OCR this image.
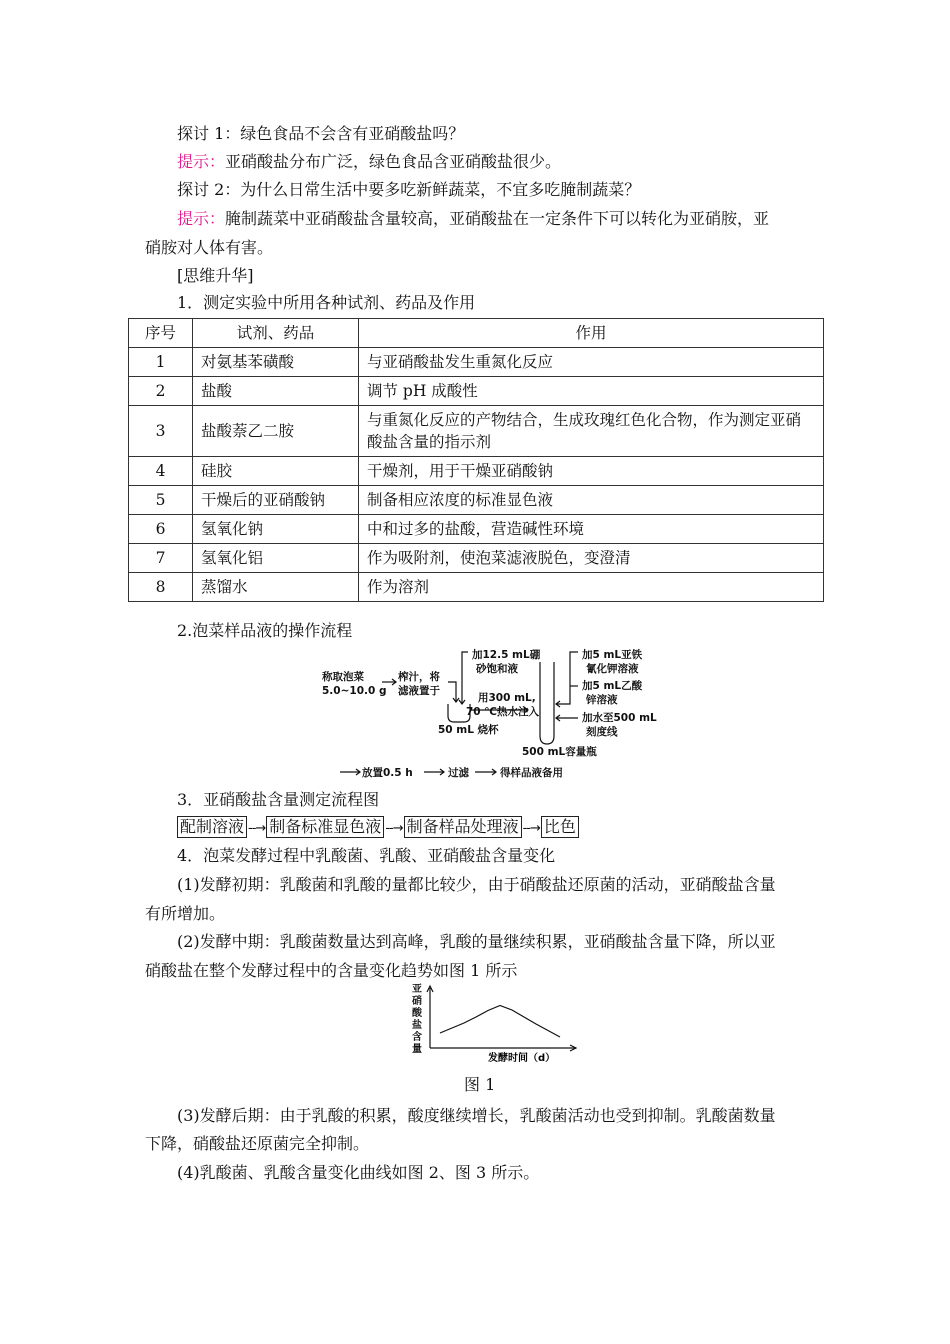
探讨 1：绿色食品不会含有亚硝酸盐吗？
提示：亚硝酸盐分布广泛，绿色食品含亚硝酸盐很少。
探讨 2：为什么日常生活中要多吃新鲜蔬菜，不宜多吃腌制蔬菜？
提示：腌制蔬菜中亚硝酸盐含量较高，亚硝酸盐在一定条件下可以转化为亚硝胺，亚
硝胺对人体有害。
[思维升华]
1．测定实验中所用各种试剂、药品及作用
序号	试剂、药品	作用
1	对氨基苯磺酸	与亚硝酸盐发生重氮化反应
2	盐酸	调节 pH 成酸性
3	盐酸萘乙二胺	与重氮化反应的产物结合，生成玫瑰红色化合物，作为测定亚硝酸盐含量的指示剂
4	硅胶	干燥剂，用于干燥亚硝酸钠
5	干燥后的亚硝酸钠	制备相应浓度的标准显色液
6	氢氧化钠	中和过多的盐酸，营造碱性环境
7	氢氧化铝	作为吸附剂，使泡菜滤液脱色，变澄清
8	蒸馏水	作为溶剂
2.泡菜样品液的操作流程
称取泡菜
5.0~10.0 g
榨汁，将
滤液置于
加12.5 mL硼
砂饱和液
用300 mL,
70 ℃热水注入
50 mL 烧杯
加5 mL亚铁
氰化钾溶液
加5 mL乙酸
锌溶液
加水至500 mL
刻度线
500 mL容量瓶
放置0.5 h	过滤	得样品液备用
3．亚硝酸盐含量测定流程图
配制溶液 --→ 制备标准显色液 --→ 制备样品处理液 --→ 比色
4．泡菜发酵过程中乳酸菌、乳酸、亚硝酸盐含量变化
(1)发酵初期：乳酸菌和乳酸的量都比较少，由于硝酸盐还原菌的活动，亚硝酸盐含量
有所增加。
(2)发酵中期：乳酸菌数量达到高峰，乳酸的量继续积累，亚硝酸盐含量下降，所以亚
硝酸盐在整个发酵过程中的含量变化趋势如图 1 所示
亚
硝
酸
盐
含
量
发酵时间（d）
图 1
(3)发酵后期：由于乳酸的积累，酸度继续增长，乳酸菌活动也受到抑制。乳酸菌数量
下降，硝酸盐还原菌完全抑制。
(4)乳酸菌、乳酸含量变化曲线如图 2、图 3 所示。
